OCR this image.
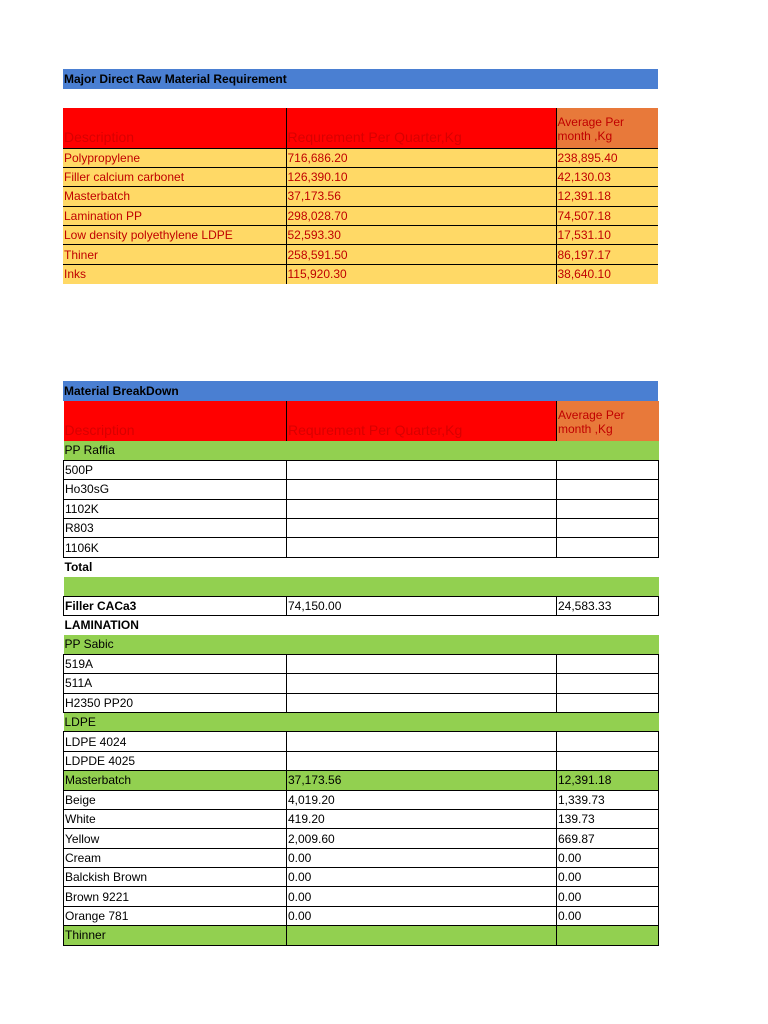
Major Direct Raw Material Requirement
Description	Requrement Per Quarter,Kg	Average Per month ,Kg

Polypropylene	716,686.20	238,895.40
Filler calcium carbonet	126,390.10	42,130.03
Masterbatch	37,173.56	12,391.18
Lamination PP	298,028.70	74,507.18
Low density polyethylene LDPE	52,593.30	17,531.10
Thiner	258,591.50	86,197.17
Inks	115,920.30	38,640.10
Material BreakDown
Description	Requrement Per Quarter,Kg	Average Per month ,Kg

PP Raffia		
500P		
Ho30sG		
1102K		
R803		
1106K		
Total		

Filler CACa3	74,150.00	24,583.33
LAMINATION		
PP Sabic		
519A		
511A		
H2350 PP20		
LDPE		
LDPE 4024		
LDPDE 4025		
Masterbatch	37,173.56	12,391.18
Beige	4,019.20	1,339.73
White	419.20	139.73
Yellow	2,009.60	669.87
Cream	0.00	0.00
Balckish Brown	0.00	0.00
Brown 9221	0.00	0.00
Orange 781	0.00	0.00
Thinner		
